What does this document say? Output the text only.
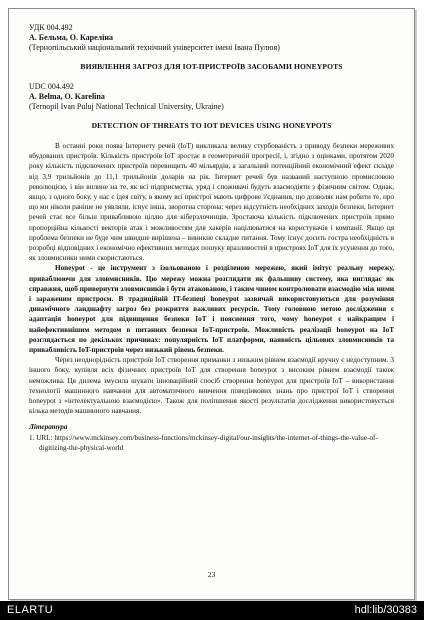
УДК 004.492

А. Бельма, О. Кареліна

(Тернопільський національний технічний університет імені Івана Пулюя)

ВИЯВЛЕННЯ ЗАГРОЗ ДЛЯ IOT-ПРИСТРОЇВ ЗАСОБАМИ HONEYPOTS

UDC 004.492

A. Belma, O. Karelina

(Ternopil Ivan Puluj National Technical University, Ukraine)

DETECTION OF THREATS TO IOT DEVICES USING HONEYPOTS

В останні роки поява Інтернету речей (IoT) викликала велику стурбованість з приводу безпеки мереживих вбудованих пристроїв. Кількість пристроїв IoT зростає в геометричній прогресії, і, згідно з оцінками, протягом 2020 року кількість підключених пристроїв перевищить 40 мільярдів, а загальний потенційний економічний ефект складе від 3,9 трильйонів до 11,1 трильйонів доларів на рік. Інтернет речей був названий наступною промисловою революцією, і він вплине на те, як всі підприємства, уряд і споживачі будуть взаємодіяти з фізичним світом. Однак, якщо, з одного боку, у нас є ідея світу, в якому всі пристрої мають цифрове з'єднання, що дозволяє нам робити те, про що ми ніколи раніше не уявляли, існує інша, зворотна сторона: через відсутність необхідних заходів безпеки, Інтернет речей стає все більш привабливою ціллю для кіберзлочинців. Зростаюча кількість підключених пристроїв прямо пропорційна кількості векторів атак і можливостям для хакерів націлюватися на користувачів і компанії. Якщо ця проблема безпеки не буде чим швидше вирішена – виникне складне питання. Тому існує досить гостра необхідність в розробці відповідних і економічно ефективних методах пошуку вразливостей в пристроях IoT для їх усунення до того, як зловмисники ними скористаються.

Honeypot - це інструмент з ізольованою і розділеною мережею, який імітує реальну мережу, приваблюючи для зловмисників. Цю мережу можна розглядати як фальшиву систему, яка виглядає як справжня, щоб привернути зловмисників і бути атакованою, і таким чином контролювати взаємодію між ними і зараженим пристроєм. В традиційній IT-безпеці honeypot зазвичай використовуються для розуміння динамічного ландшафту загроз без розкриття важливих ресурсів. Тому головною метою дослідження є адаптація honeypot для підвищення безпеки IoT і пояснення того, чому honeypot є найкращим і найефективнішим методом в питаннях безпеки IoT-пристроїв. Можливість реалізації honeypot на IoT розглядається по декількох причинах: популярність IoT платформи, наявність цільових зловмисників та привабливість IoT-пристроїв через низький рівень безпеки.

Через неоднорідність пристроїв IoT створення приманки з низьким рівнем взаємодії вручну є недоступним. З іншого боку, купівля всіх фізичних пристроїв IoT для створення honeypot з високим рівнем взаємодії також неможлива. Ця дилема змусила шукати інноваційний спосіб створення honeypot для пристроїв IoT – використання технології машинного навчання для автоматичного вивчення поведінкових знань про пристрої IoT і створення honeypot з «інтелектуальною взаємодією». Також для поліпшення якості результатів дослідження використовується кількa методів машинного навчання.

Література

1. URL: https://www.mckinsey.com/business-functions/mckinsey-digital/our-insights/the-internet-of-things-the-value-of-digitizing-the-physical-world

23
ELARTU	hdl:lib/30383
